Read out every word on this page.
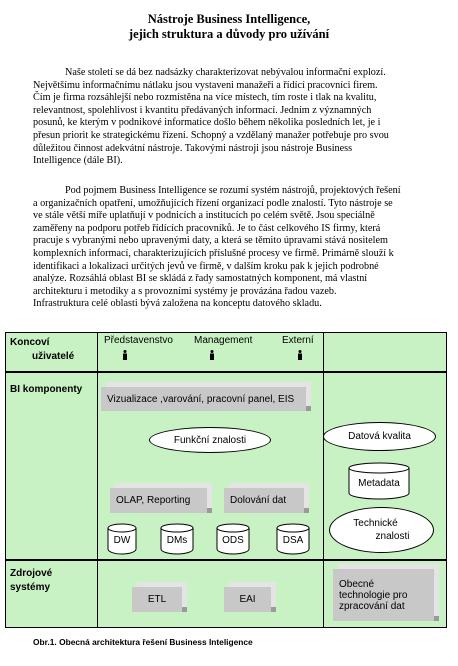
Nástroje Business Intelligence,
jejich struktura a důvody pro užívání
Naše století se dá bez nadsázky charakterizovat nebývalou informační explozí.
Největšímu informačnímu nátlaku jsou vystaveni manažeři a řídící pracovníci firem.
Čím je firma rozsáhlejší nebo rozmístěna na více místech, tím roste i tlak na kvalitu,
relevantnost, spolehlivost i kvantitu předávaných informací. Jedním z významných
posunů, ke kterým v podnikové informatice došlo během několika posledních let, je i
přesun priorit ke strategickému řízení. Schopný a vzdělaný manažer potřebuje pro svou
důležitou činnost adekvátní nástroje. Takovými nástroji jsou nástroje Business
Intelligence (dále BI).
Pod pojmem Business Intelligence se rozumí systém nástrojů, projektových řešení
a organizačních opatření, umožňujících řízení organizací podle znalostí. Tyto nástroje se
ve stále větší míře uplatňují v podnicích a institucích po celém světě. Jsou speciálně
zaměřeny na podporu potřeb řídících pracovníků. Je to část celkového IS firmy, která
pracuje s vybranými nebo upravenými daty, a která se těmito úpravami stává nositelem
komplexních informací, charakterizujících příslušné procesy ve firmě. Primárně slouží k
identifikaci a lokalizaci určitých jevů ve firmě, v dalším kroku pak k jejich podrobné
analýze. Rozsáhlá oblast BI se skládá z řady samostatných komponent, má vlastní
architekturu i metodiky a s provozními systémy je provázána řadou vazeb.
Infrastruktura celé oblasti bývá založena na konceptu datového skladu.
Koncoví
uživatelé
Představenstvo Management	Externí
BI komponenty
Vizualizace ,varování, pracovní panel, EIS
Funkční znalosti
OLAP, Reporting	Dolování dat
DW	DMs	ODS	DSA
Datová kvalita
Metadata
Technické
znalosti
Zdrojové
systémy
ETL	EAI
Obecné
technologie pro
zpracování dat
Obr.1. Obecná architektura řešení Business Inteligence
